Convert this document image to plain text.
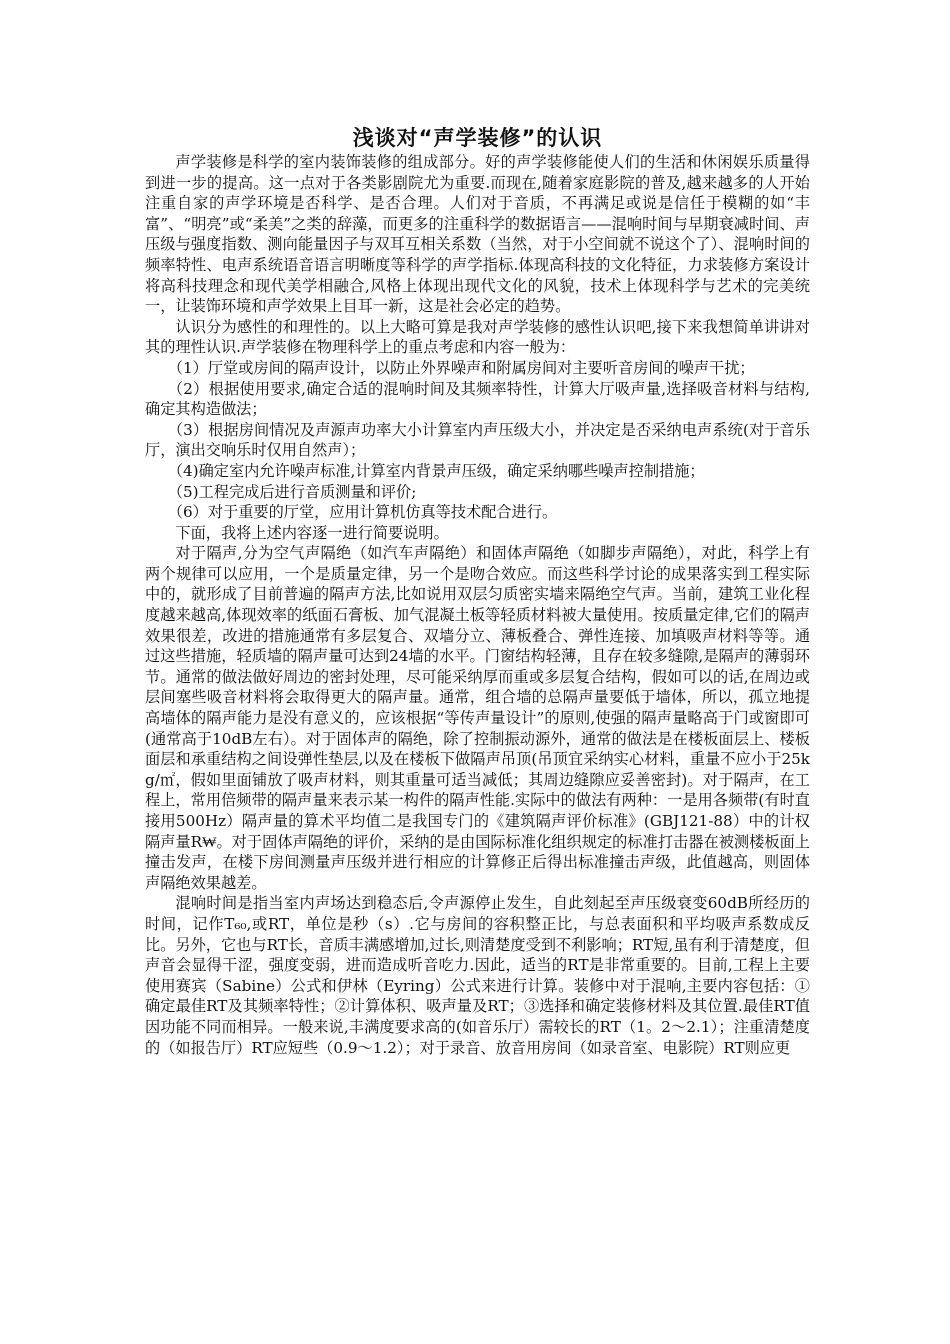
浅谈对“声学装修”的认识

声学装修是科学的室内装饰装修的组成部分。好的声学装修能使人们的生活和休闲娱乐质量得到进一步的提高。这一点对于各类影剧院尤为重要.而现在,随着家庭影院的普及,越来越多的人开始注重自家的声学环境是否科学、是否合理。人们对于音质，不再满足或说是信任于模糊的如“丰富”、“明亮”或“柔美”之类的辞藻，而更多的注重科学的数据语言——混响时间与早期衰减时间、声压级与强度指数、测向能量因子与双耳互相关系数（当然，对于小空间就不说这个了）、混响时间的频率特性、电声系统语音语言明晰度等科学的声学指标.体现高科技的文化特征，力求装修方案设计将高科技理念和现代美学相融合,风格上体现出现代文化的风貌，技术上体现科学与艺术的完美统一，让装饰环境和声学效果上目耳一新，这是社会必定的趋势。

认识分为感性的和理性的。以上大略可算是我对声学装修的感性认识吧,接下来我想简单讲讲对其的理性认识.声学装修在物理科学上的重点考虑和内容一般为：

（1）厅堂或房间的隔声设计，以防止外界噪声和附属房间对主要听音房间的噪声干扰；

（2）根据使用要求,确定合适的混响时间及其频率特性，计算大厅吸声量,选择吸音材料与结构,确定其构造做法；

（3）根据房间情况及声源声功率大小计算室内声压级大小，并决定是否采纳电声系统(对于音乐厅，演出交响乐时仅用自然声）；

（4)确定室内允许噪声标准,计算室内背景声压级，确定采纳哪些噪声控制措施；

（5)工程完成后进行音质测量和评价;

（6）对于重要的厅堂，应用计算机仿真等技术配合进行。

下面，我将上述内容逐一进行简要说明。

对于隔声,分为空气声隔绝（如汽车声隔绝）和固体声隔绝（如脚步声隔绝），对此，科学上有两个规律可以应用，一个是质量定律，另一个是吻合效应。而这些科学讨论的成果落实到工程实际中的，就形成了目前普遍的隔声方法,比如说用双层匀质密实墙来隔绝空气声。当前，建筑工业化程度越来越高,体现效率的纸面石膏板、加气混凝土板等轻质材料被大量使用。按质量定律,它们的隔声效果很差，改进的措施通常有多层复合、双墙分立、薄板叠合、弹性连接、加填吸声材料等等。通过这些措施，轻质墙的隔声量可达到24墙的水平。门窗结构轻薄，且存在较多缝隙,是隔声的薄弱环节。通常的做法做好周边的密封处理，尽可能采纳厚而重或多层复合结构，假如可以的话,在周边或层间塞些吸音材料将会取得更大的隔声量。通常，组合墙的总隔声量要低于墙体，所以，孤立地提高墙体的隔声能力是没有意义的，应该根据“等传声量设计”的原则,使强的隔声量略高于门或窗即可(通常高于10dB左右）。对于固体声的隔绝，除了控制振动源外，通常的做法是在楼板面层上、楼板面层和承重结构之间设弹性垫层,以及在楼板下做隔声吊顶(吊顶宜采纳实心材料，重量不应小于25kg/㎡，假如里面铺放了吸声材料，则其重量可适当减低；其周边缝隙应妥善密封)。对于隔声，在工程上，常用倍频带的隔声量来表示某一构件的隔声性能.实际中的做法有两种：一是用各频带(有时直接用500Hz）隔声量的算术平均值二是我国专门的《建筑隔声评价标准》(GBJ121-88）中的计权隔声量R₩。对于固体声隔绝的评价，采纳的是由国际标准化组织规定的标准打击器在被测楼板面上撞击发声，在楼下房间测量声压级并进行相应的计算修正后得出标准撞击声级，此值越高，则固体声隔绝效果越差。

混响时间是指当室内声场达到稳态后,令声源停止发生，自此刻起至声压级衰变60dB所经历的时间，记作T₆₀,或RT，单位是秒（s）.它与房间的容积整正比，与总表面积和平均吸声系数成反比。另外，它也与RT长，音质丰满感增加,过长,则清楚度受到不利影响；RT短,虽有利于清楚度，但声音会显得干涩，强度变弱，进而造成听音吃力.因此，适当的RT是非常重要的。目前,工程上主要使用赛宾（Sabine）公式和伊林（Eyring）公式来进行计算。装修中对于混响,主要内容包括：①确定最佳RT及其频率特性；②计算体积、吸声量及RT；③选择和确定装修材料及其位置.最佳RT值因功能不同而相异。一般来说,丰满度要求高的(如音乐厅）需较长的RT（1。2～2.1）；注重清楚度的（如报告厅）RT应短些（0.9～1.2）；对于录音、放音用房间（如录音室、电影院）RT则应更
